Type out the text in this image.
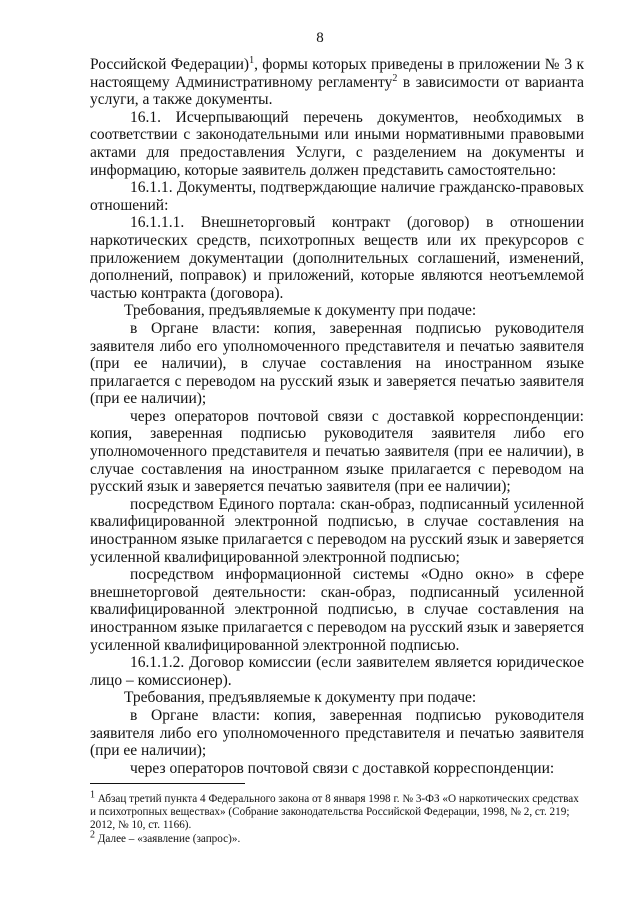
8

Российской Федерации)$^1$, формы которых приведены в приложении № 3 к настоящему Административному регламенту$^2$ в зависимости от варианта услуги, а также документы.

16.1. Исчерпывающий перечень документов, необходимых в соответствии с законодательными или иными нормативными правовыми актами для предоставления Услуги, с разделением на документы и информацию, которые заявитель должен представить самостоятельно:

16.1.1. Документы, подтверждающие наличие гражданско-правовых отношений:

16.1.1.1. Внешнеторговый контракт (договор) в отношении наркотических средств, психотропных веществ или их прекурсоров с приложением документации (дополнительных соглашений, изменений, дополнений, поправок) и приложений, которые являются неотъемлемой частью контракта (договора).

Требования, предъявляемые к документу при подаче:

в Органе власти: копия, заверенная подписью руководителя заявителя либо его уполномоченного представителя и печатью заявителя (при ее наличии), в случае составления на иностранном языке прилагается с переводом на русский язык и заверяется печатью заявителя (при ее наличии);

через операторов почтовой связи с доставкой корреспонденции: копия, заверенная подписью руководителя заявителя либо его уполномоченного представителя и печатью заявителя (при ее наличии), в случае составления на иностранном языке прилагается с переводом на русский язык и заверяется печатью заявителя (при ее наличии);

посредством Единого портала: скан-образ, подписанный усиленной квалифицированной электронной подписью, в случае составления на иностранном языке прилагается с переводом на русский язык и заверяется усиленной квалифицированной электронной подписью;

посредством информационной системы «Одно окно» в сфере внешнеторговой деятельности: скан-образ, подписанный усиленной квалифицированной электронной подписью, в случае составления на иностранном языке прилагается с переводом на русский язык и заверяется усиленной квалифицированной электронной подписью.

16.1.1.2. Договор комиссии (если заявителем является юридическое лицо – комиссионер).

Требования, предъявляемые к документу при подаче:

в Органе власти: копия, заверенная подписью руководителя заявителя либо его уполномоченного представителя и печатью заявителя (при ее наличии);

через операторов почтовой связи с доставкой корреспонденции:

$^1$ Абзац третий пункта 4 Федерального закона от 8 января 1998 г. № 3-ФЗ «О наркотических средствах и психотропных веществах» (Собрание законодательства Российской Федерации, 1998, № 2, ст. 219; 2012, № 10, ст. 1166).

$^2$ Далее – «заявление (запрос)».
